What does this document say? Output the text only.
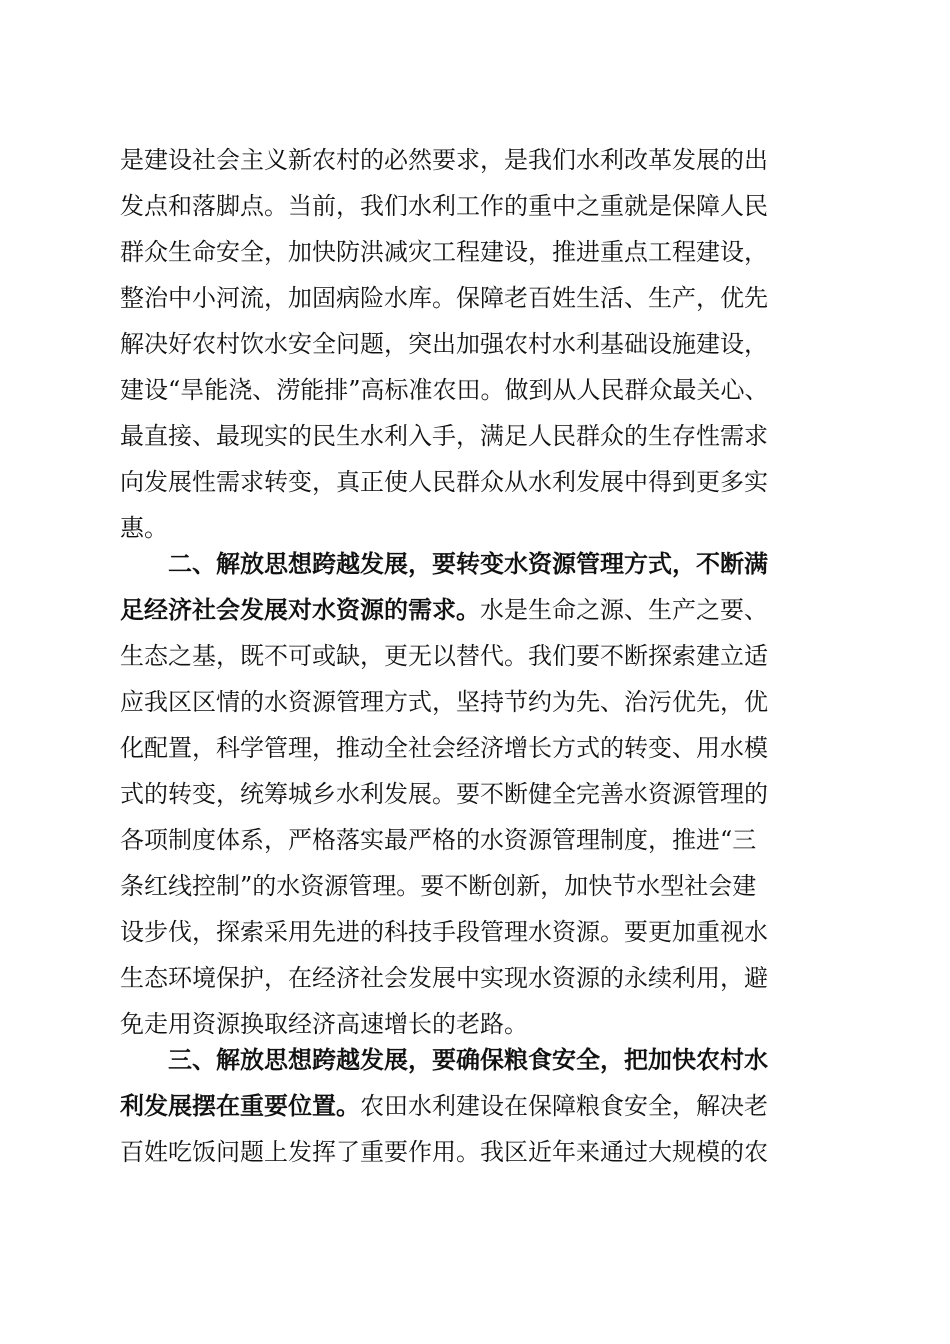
是建设社会主义新农村的必然要求，是我们水利改革发展的出
发点和落脚点。当前，我们水利工作的重中之重就是保障人民
群众生命安全，加快防洪减灾工程建设，推进重点工程建设，
整治中小河流，加固病险水库。保障老百姓生活、生产，优先
解决好农村饮水安全问题，突出加强农村水利基础设施建设，
建设“旱能浇、涝能排”高标准农田。做到从人民群众最关心、
最直接、最现实的民生水利入手，满足人民群众的生存性需求
向发展性需求转变，真正使人民群众从水利发展中得到更多实
惠。
二、解放思想跨越发展，要转变水资源管理方式，不断满
足经济社会发展对水资源的需求。水是生命之源、生产之要、
生态之基，既不可或缺，更无以替代。我们要不断探索建立适
应我区区情的水资源管理方式，坚持节约为先、治污优先，优
化配置，科学管理，推动全社会经济增长方式的转变、用水模
式的转变，统筹城乡水利发展。要不断健全完善水资源管理的
各项制度体系，严格落实最严格的水资源管理制度，推进“三
条红线控制”的水资源管理。要不断创新，加快节水型社会建
设步伐，探索采用先进的科技手段管理水资源。要更加重视水
生态环境保护，在经济社会发展中实现水资源的永续利用，避
免走用资源换取经济高速增长的老路。
三、解放思想跨越发展，要确保粮食安全，把加快农村水
利发展摆在重要位置。农田水利建设在保障粮食安全，解决老
百姓吃饭问题上发挥了重要作用。我区近年来通过大规模的农
